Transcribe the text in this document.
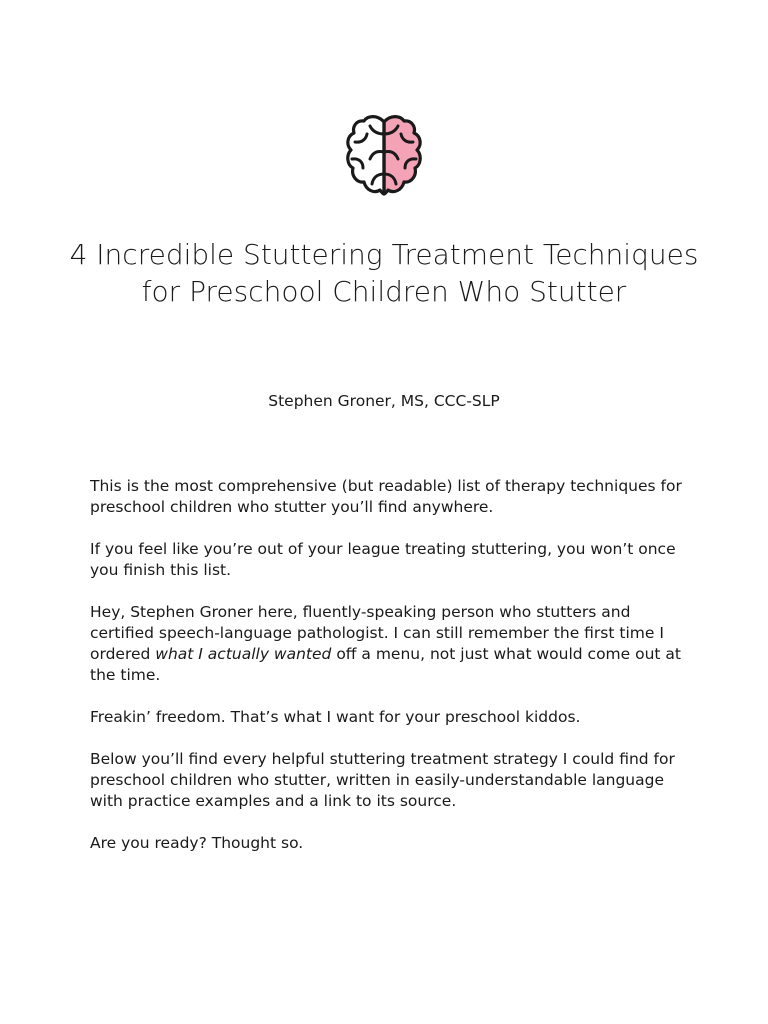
4 Incredible Stuttering Treatment Techniques for Preschool Children Who Stutter

Stephen Groner, MS, CCC-SLP

This is the most comprehensive (but readable) list of therapy techniques for preschool children who stutter you’ll find anywhere.

If you feel like you’re out of your league treating stuttering, you won’t once you finish this list.

Hey, Stephen Groner here, fluently-speaking person who stutters and certified speech-language pathologist. I can still remember the first time I ordered what I actually wanted off a menu, not just what would come out at the time.

Freakin’ freedom. That’s what I want for your preschool kiddos.

Below you’ll find every helpful stuttering treatment strategy I could find for preschool children who stutter, written in easily-understandable language with practice examples and a link to its source.

Are you ready? Thought so.
